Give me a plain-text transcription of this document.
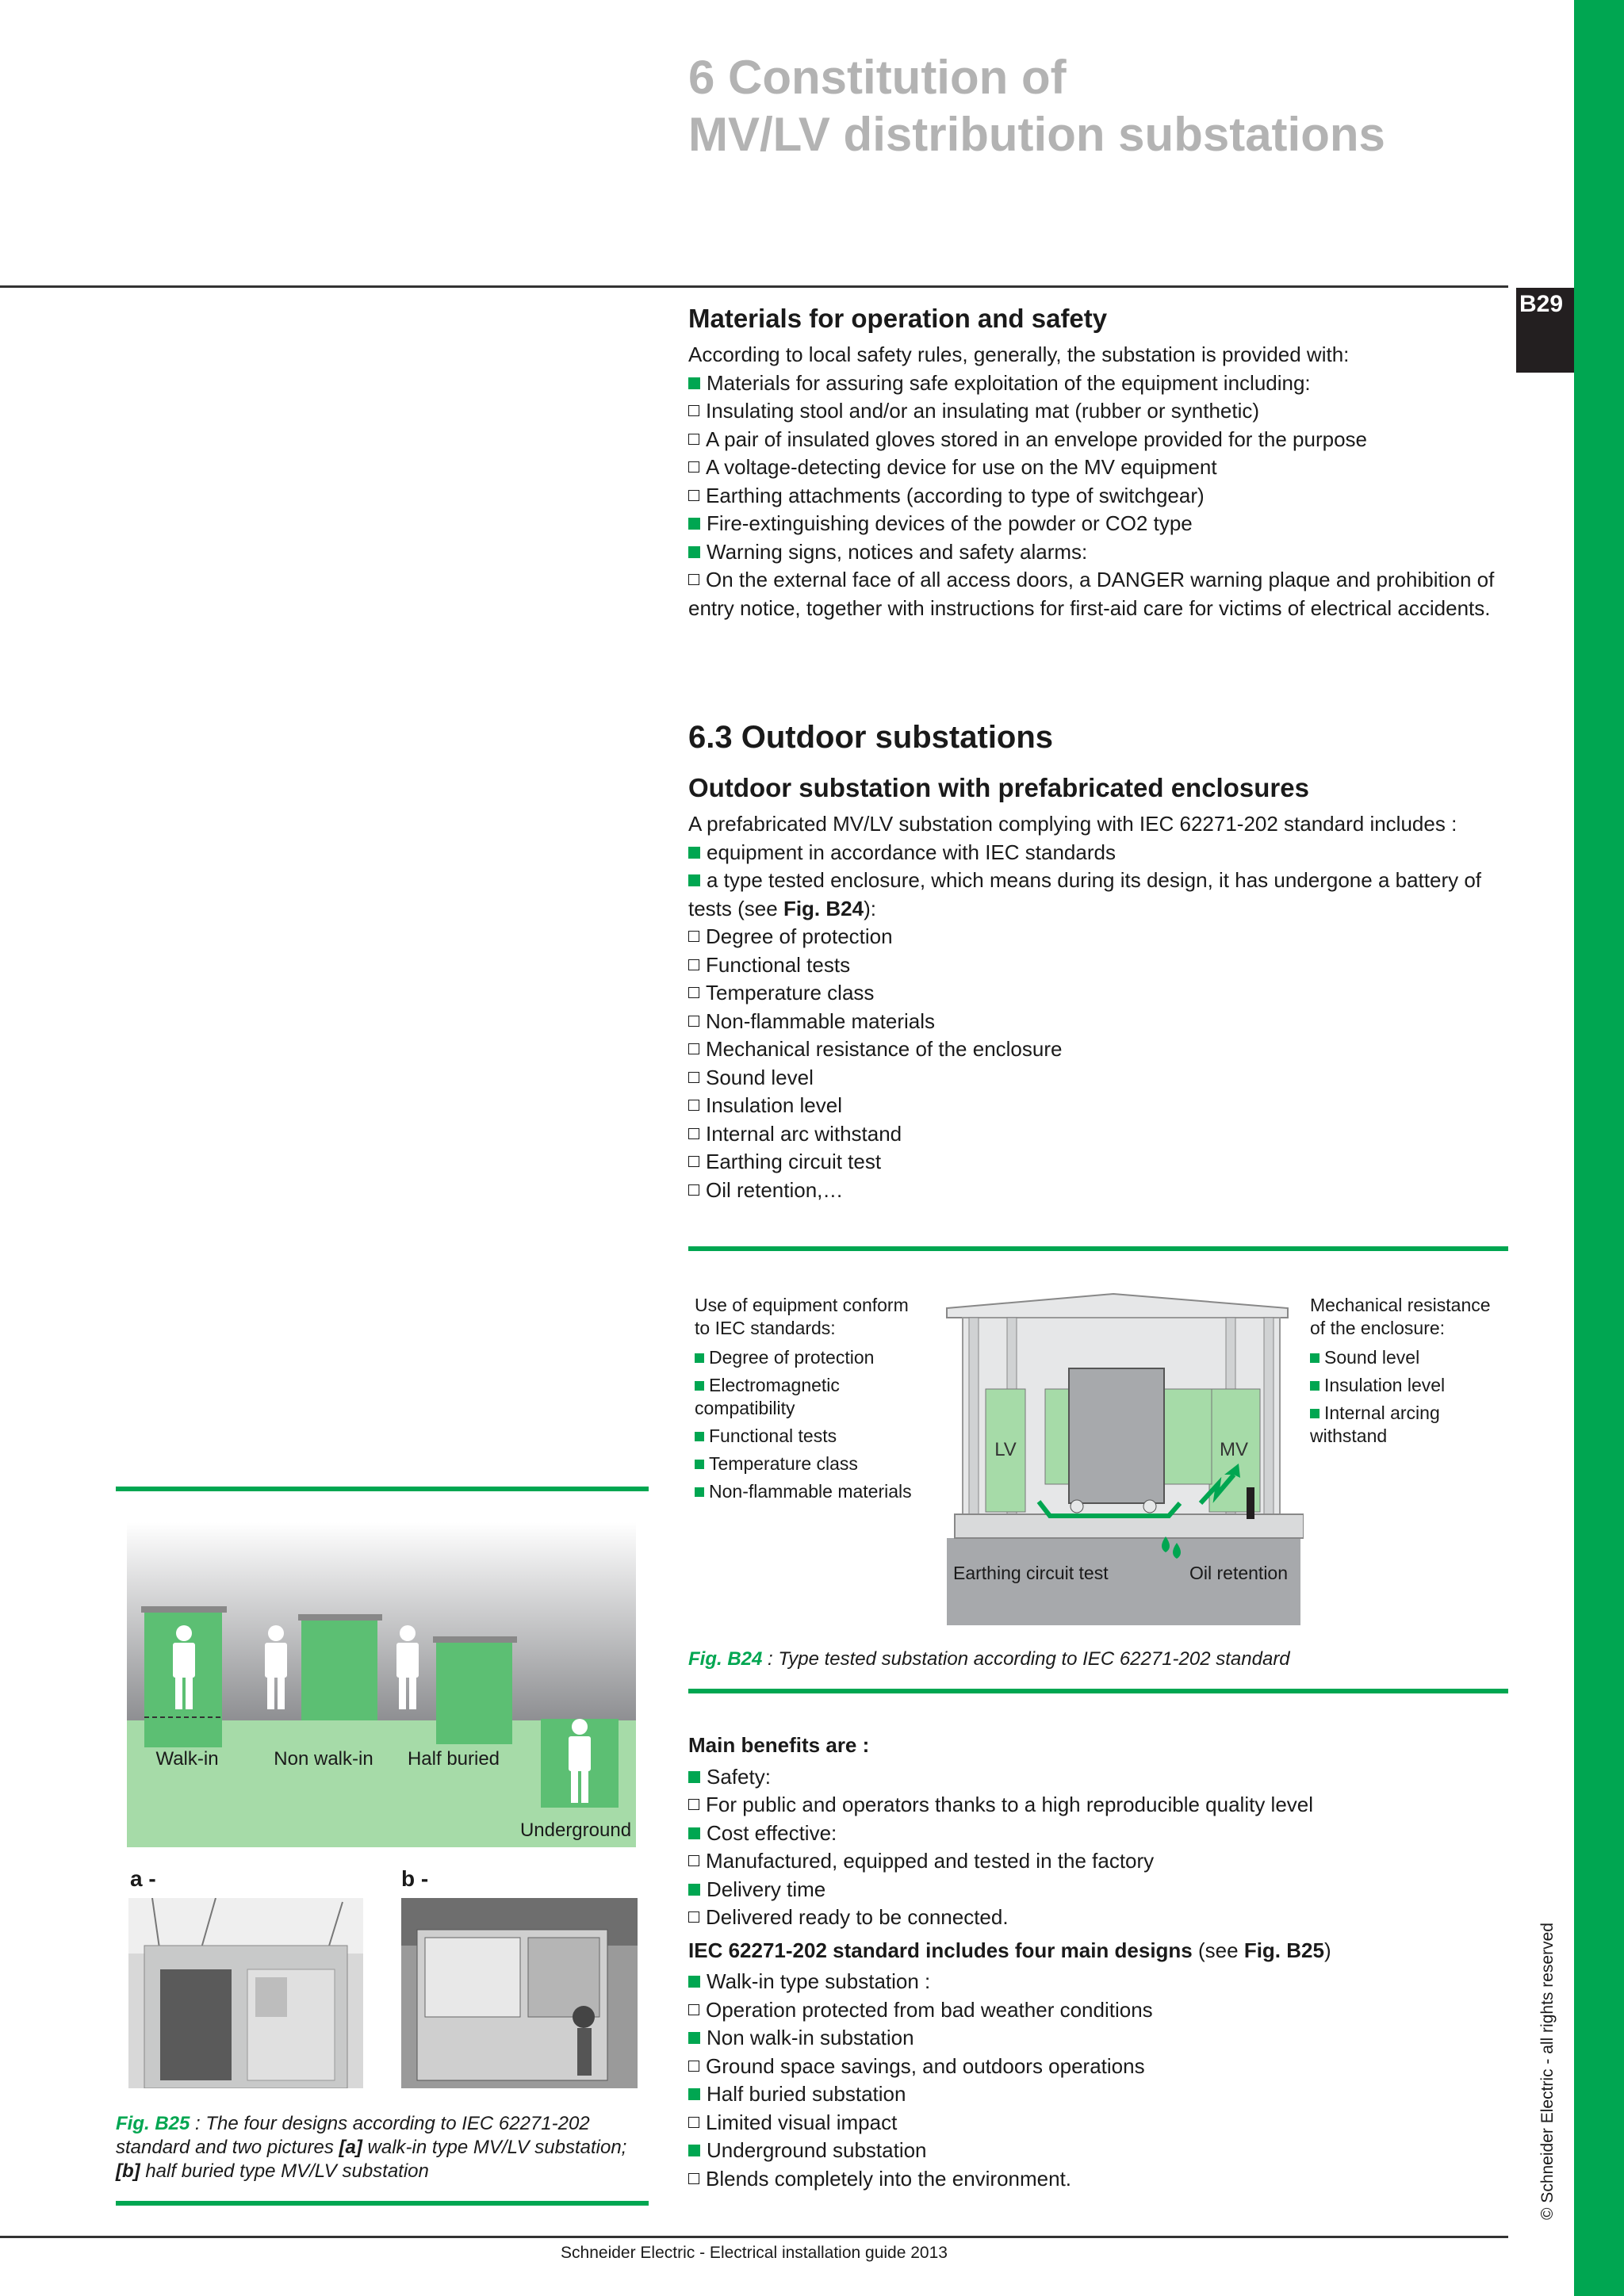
B29
6 Constitution of
MV/LV distribution substations
Materials for operation and safety

According to local safety rules, generally, the substation is provided with:

Materials for assuring safe exploitation of the equipment including:

Insulating stool and/or an insulating mat (rubber or synthetic)

A pair of insulated gloves stored in an envelope provided for the purpose

A voltage-detecting device for use on the MV equipment

Earthing attachments (according to type of switchgear)

Fire-extinguishing devices of the powder or CO2 type

Warning signs, notices and safety alarms:

On the external face of all access doors, a DANGER warning plaque and prohibition of entry notice, together with instructions for first-aid care for victims of electrical accidents.

6.3 Outdoor substations
Outdoor substation with prefabricated enclosures

A prefabricated MV/LV substation complying with IEC 62271-202 standard includes :

equipment in accordance with IEC standards

a type tested enclosure, which means during its design, it has undergone a battery of tests (see Fig. B24):

Degree of protection

Functional tests

Temperature class

Non-flammable materials

Mechanical resistance of the enclosure

Sound level

Insulation level

Internal arc withstand

Earthing circuit test

Oil retention,…

Use of equipment conform to IEC standards:

Degree of protection

Electromagnetic compatibility

Functional tests

Temperature class

Non-flammable materials

Mechanical resistance of the enclosure:

Sound level

Insulation level

Internal arcing withstand

LV	MV
Earthing circuit test	Oil retention
Fig. B24 : Type tested substation according to IEC 62271-202 standard

Main benefits are :

Safety:

For public and operators thanks to a high reproducible quality level

Cost effective:

Manufactured, equipped and tested in the factory

Delivery time

Delivered ready to be connected.

IEC 62271-202 standard includes four main designs (see Fig. B25)

Walk-in type substation :

Operation protected from bad weather conditions

Non walk-in substation

Ground space savings, and outdoors operations

Half buried substation

Limited visual impact

Underground substation

Blends completely into the environment.

Walk-in	Non walk-in Half buried
Underground
a -	b -
Fig. B25 : The four designs according to IEC 62271-202 standard and two pictures [a] walk-in type MV/LV substation; [b] half buried type MV/LV substation
Schneider Electric - Electrical installation guide 2013
© Schneider Electric - all rights reserved
